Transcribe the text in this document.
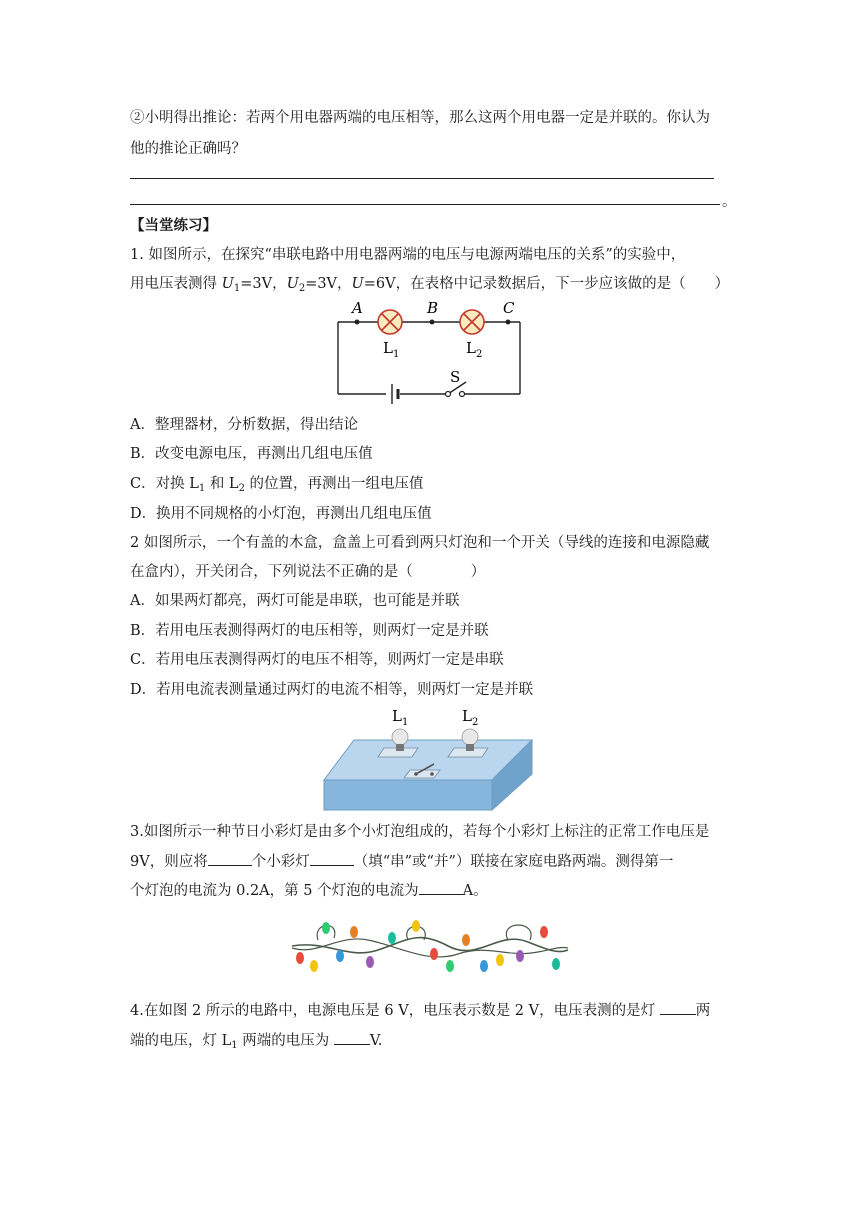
②小明得出推论：若两个用电器两端的电压相等，那么这两个用电器一定是并联的。你认为
他的推论正确吗？
。
【当堂练习】
1. 如图所示，在探究“串联电路中用电器两端的电压与电源两端电压的关系”的实验中，
用电压表测得 $U_1=3V$，$U_2=3V$，U=6V，在表格中记录数据后，下一步应该做的是（　　）
A	B	C
$L_1$	$L_2$
S
A．整理器材，分析数据，得出结论
B．改变电源电压，再测出几组电压值
C．对换 $L_1$ 和 $L_2$ 的位置，再测出一组电压值
D．换用不同规格的小灯泡，再测出几组电压值
2 如图所示，一个有盖的木盒，盒盖上可看到两只灯泡和一个开关（导线的连接和电源隐藏
在盒内），开关闭合，下列说法不正确的是（　　　　）
A．如果两灯都亮，两灯可能是串联，也可能是并联
B．若用电压表测得两灯的电压相等，则两灯一定是并联
C．若用电压表测得两灯的电压不相等，则两灯一定是串联
D．若用电流表测量通过两灯的电流不相等，则两灯一定是并联
$L_1$	$L_2$
3.如图所示一种节日小彩灯是由多个小灯泡组成的，若每个小彩灯上标注的正常工作电压是
9V，则应将	个小彩灯	（填“串”或“并”）联接在家庭电路两端。测得第一
个灯泡的电流为 0.2A，第 5 个灯泡的电流为	A。
4.在如图 2 所示的电路中，电源电压是 6 V，电压表示数是 2 V，电压表测的是灯 两
端的电压，灯 $L_1$ 两端的电压为 V.
